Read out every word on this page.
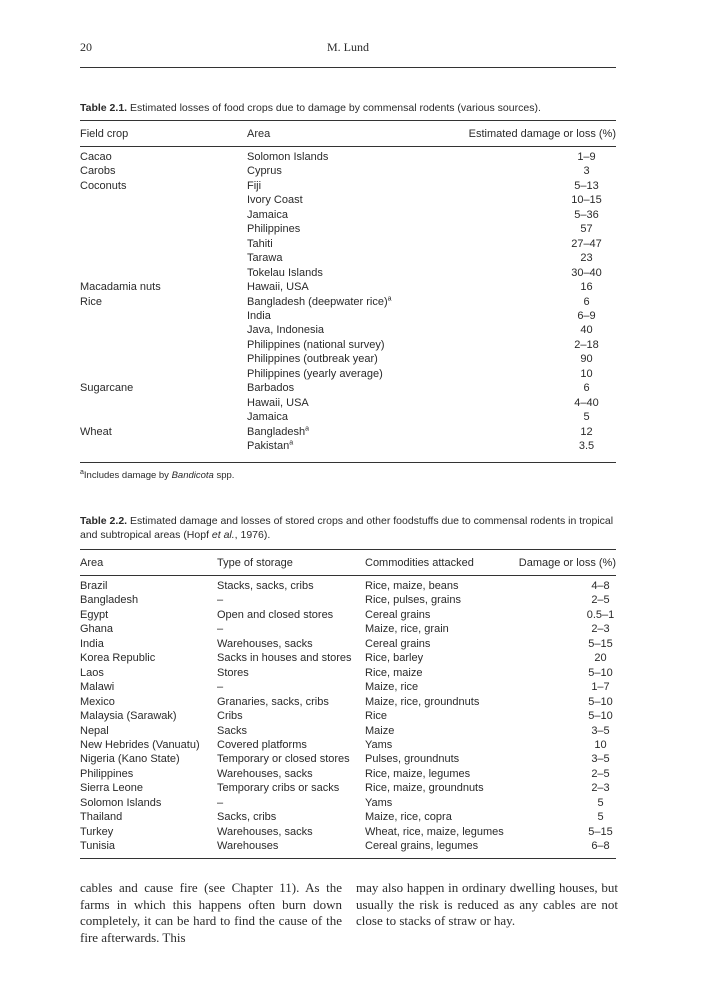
20	M. Lund
Table 2.1. Estimated losses of food crops due to damage by commensal rodents (various sources).
Field crop	Area	Estimated damage or loss (%)
Cacao	Solomon Islands	1–9
Carobs	Cyprus	3
Coconuts	Fiji	5–13
	Ivory Coast	10–15
	Jamaica	5–36
	Philippines	57
	Tahiti	27–47
	Tarawa	23
	Tokelau Islands	30–40
Macadamia nuts	Hawaii, USA	16
Rice	Bangladesh (deepwater rice)$^a$	6
	India	6–9
	Java, Indonesia	40
	Philippines (national survey)	2–18
	Philippines (outbreak year)	90
	Philippines (yearly average)	10
Sugarcane	Barbados	6
	Hawaii, USA	4–40
	Jamaica	5
Wheat	Bangladesh$^a$	12
	Pakistan$^a$	3.5
$^a$Includes damage by Bandicota spp.
Table 2.2. Estimated damage and losses of stored crops and other foodstuffs due to commensal rodents in tropical and subtropical areas (Hopf et al., 1976).
Area	Type of storage	Commodities attacked	Damage or loss (%)
Brazil	Stacks, sacks, cribs	Rice, maize, beans	4–8
Bangladesh	–	Rice, pulses, grains	2–5
Egypt	Open and closed stores	Cereal grains	0.5–1
Ghana	–	Maize, rice, grain	2–3
India	Warehouses, sacks	Cereal grains	5–15
Korea Republic	Sacks in houses and stores	Rice, barley	20
Laos	Stores	Rice, maize	5–10
Malawi	–	Maize, rice	1–7
Mexico	Granaries, sacks, cribs	Maize, rice, groundnuts	5–10
Malaysia (Sarawak)	Cribs	Rice	5–10
Nepal	Sacks	Maize	3–5
New Hebrides (Vanuatu)	Covered platforms	Yams	10
Nigeria (Kano State)	Temporary or closed stores	Pulses, groundnuts	3–5
Philippines	Warehouses, sacks	Rice, maize, legumes	2–5
Sierra Leone	Temporary cribs or sacks	Rice, maize, groundnuts	2–3
Solomon Islands	–	Yams	5
Thailand	Sacks, cribs	Maize, rice, copra	5
Turkey	Warehouses, sacks	Wheat, rice, maize, legumes	5–15
Tunisia	Warehouses	Cereal grains, legumes	6–8
cables and cause fire (see Chapter 11). As the farms in which this happens often burn down completely, it can be hard to find the cause of the fire afterwards. This
may also happen in ordinary dwelling houses, but usually the risk is reduced as any cables are not close to stacks of straw or hay.
